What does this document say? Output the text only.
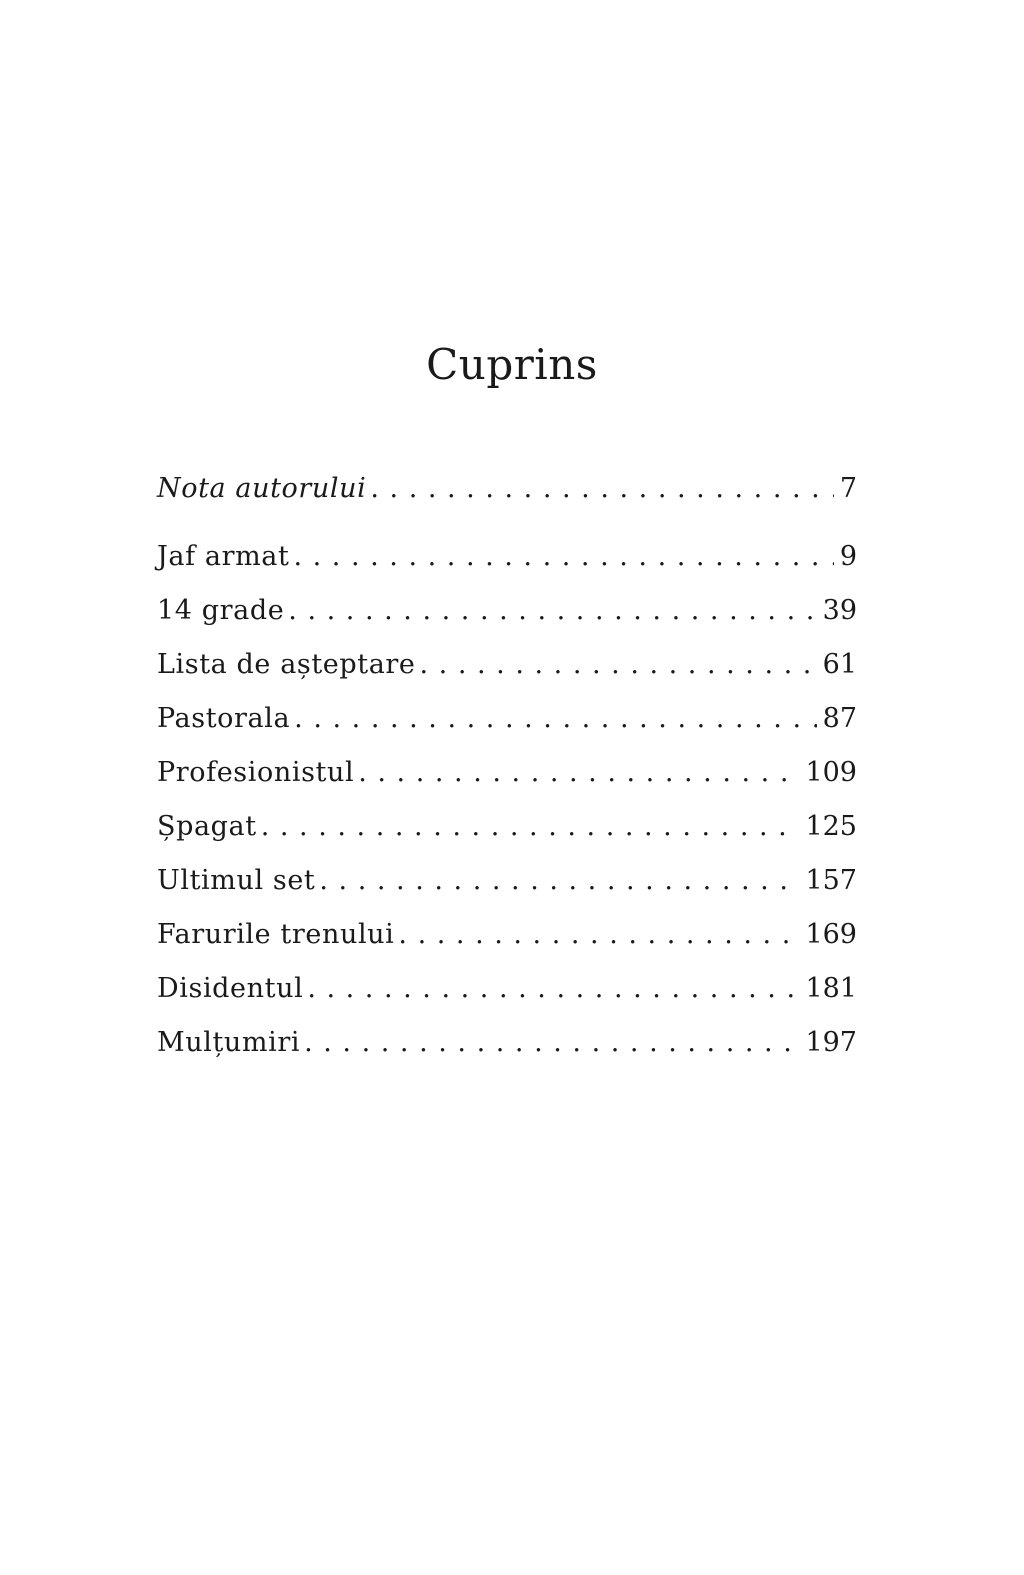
Cuprins
Nota autorului . . .	7
Jaf armat . . .	9
14 grade . . .	39
Lista de așteptare . . .	61
Pastorala . . .	87
Profesionistul . . .	109
Șpagat . . .	125
Ultimul set . . .	157
Farurile trenului . . .	169
Disidentul . . .	181
Mulțumiri . . .	197
